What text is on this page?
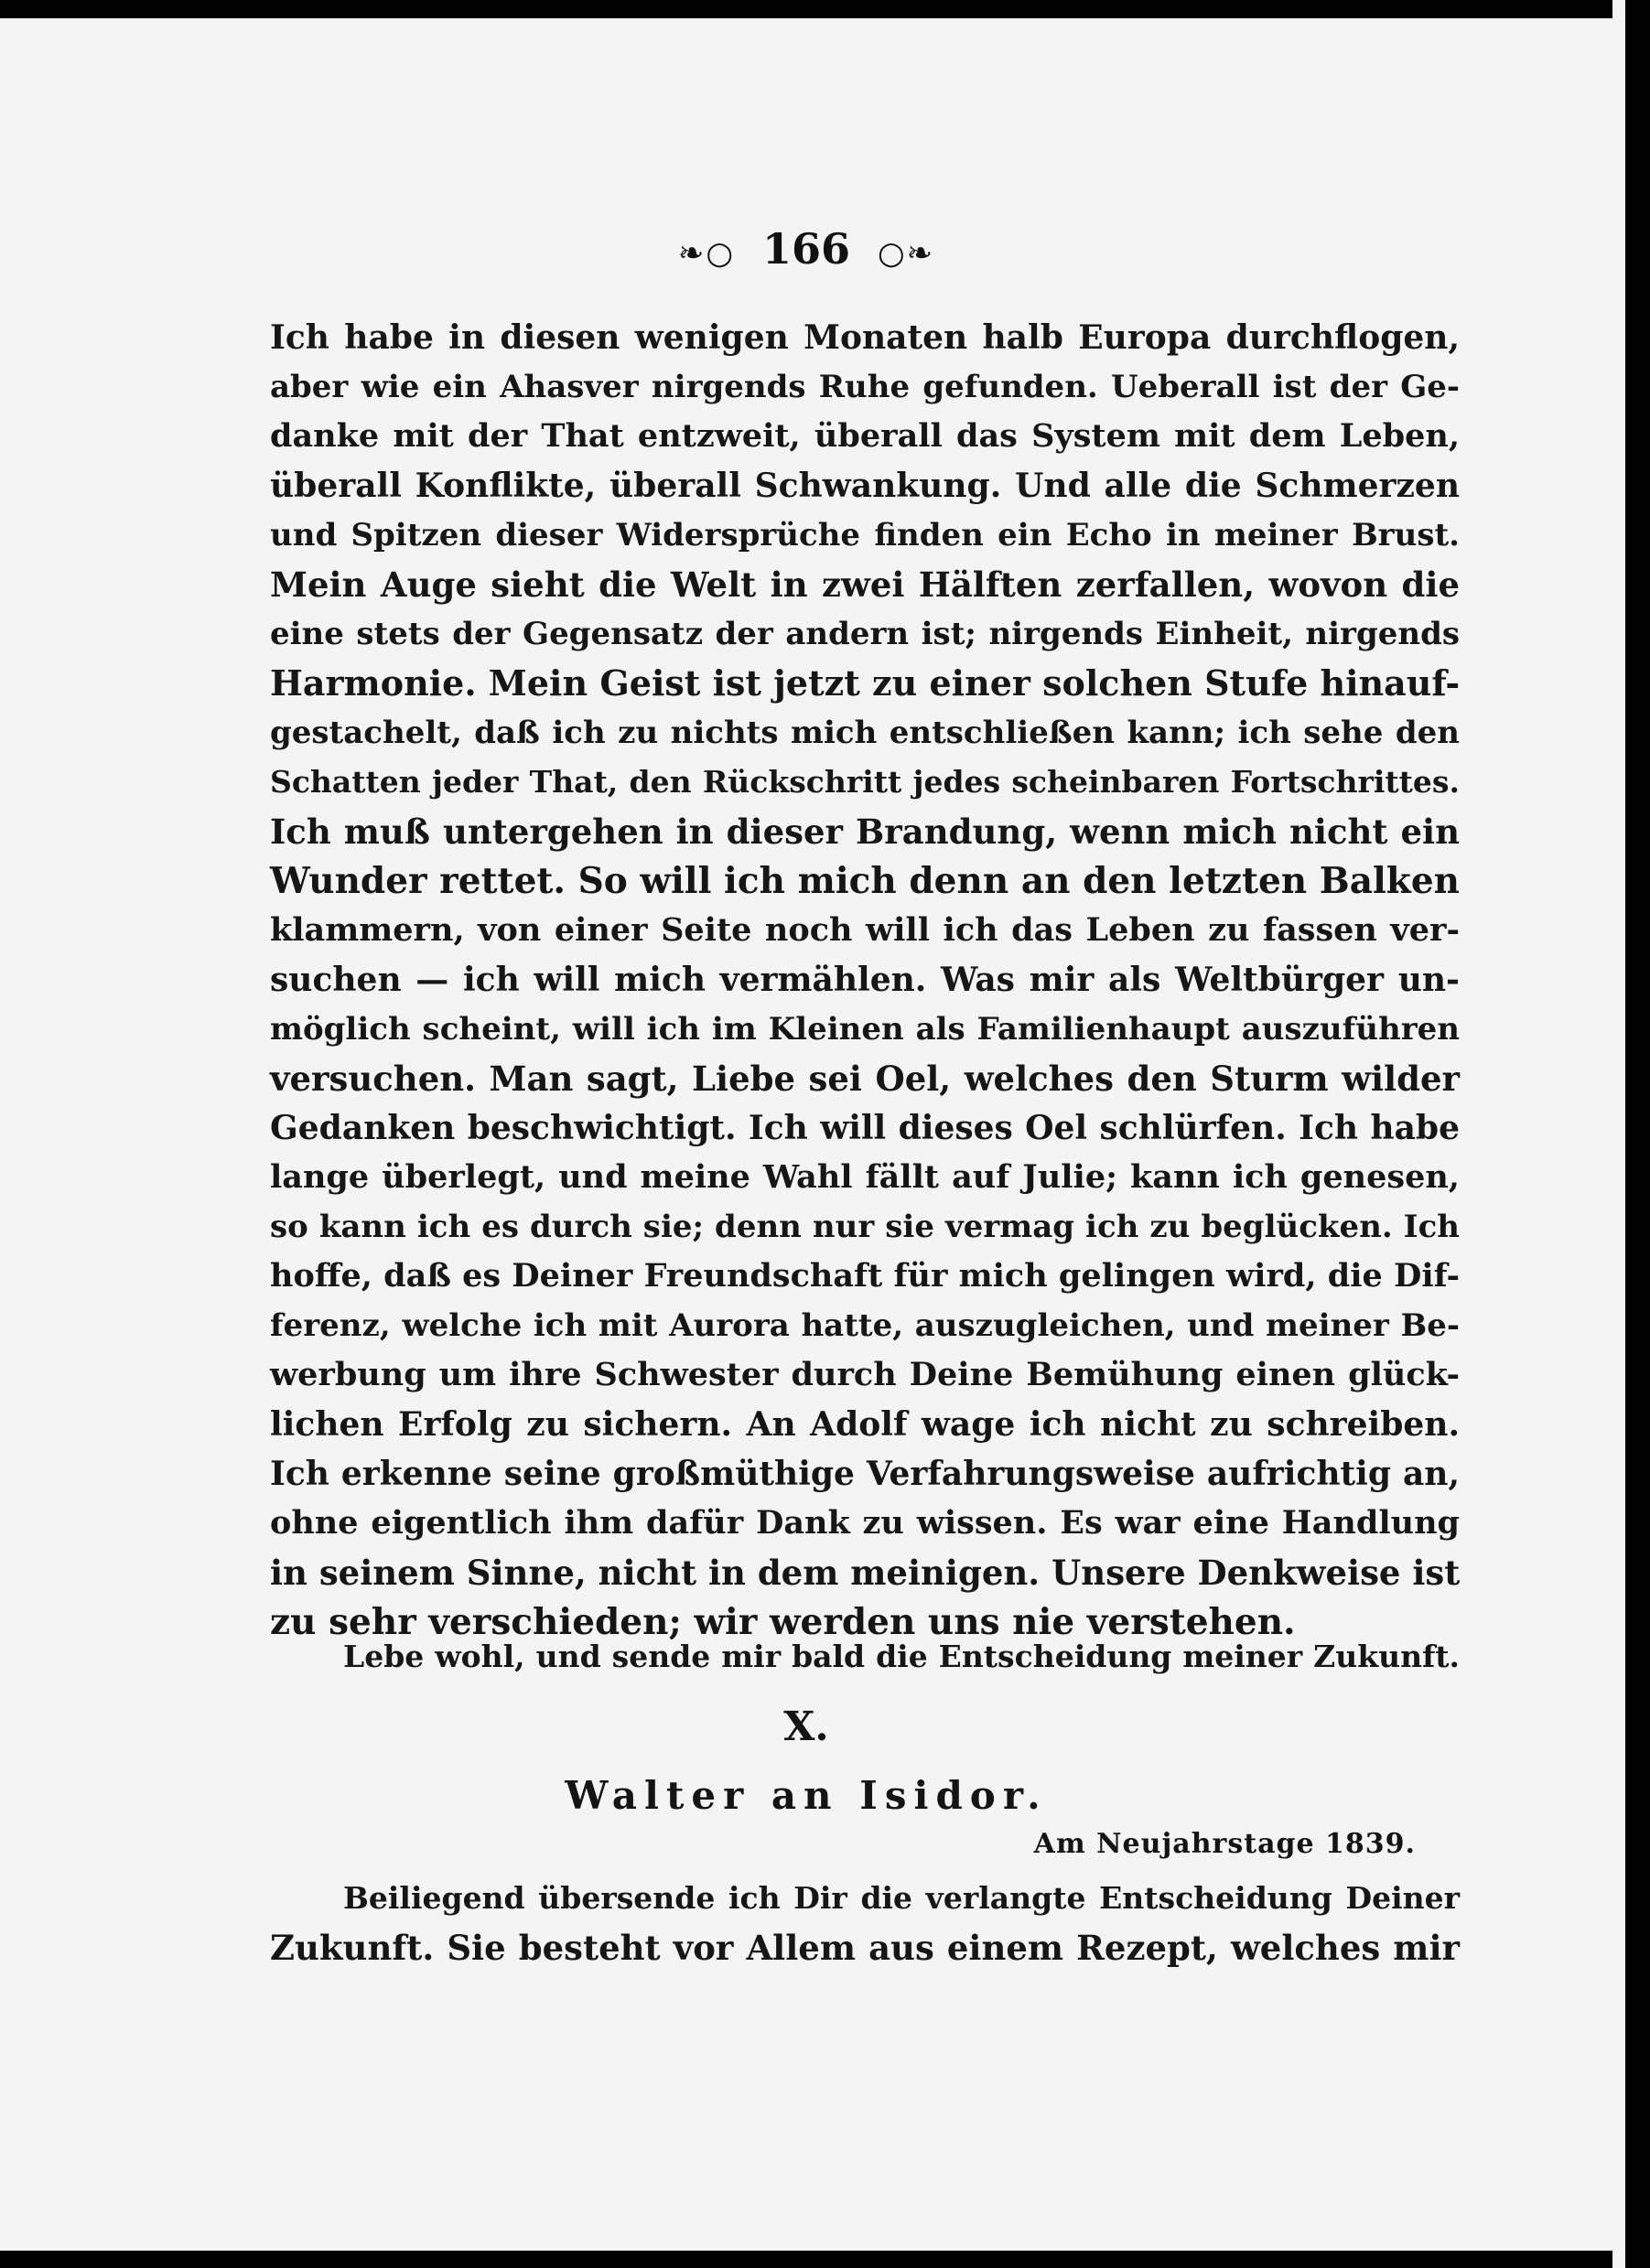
❧○ 166 ○❧
Ich habe in diesen wenigen Monaten halb Europa durchflogen,
aber wie ein Ahasver nirgends Ruhe gefunden. Ueberall ist der Ge-
danke mit der That entzweit, überall das System mit dem Leben,
überall Konflikte, überall Schwankung. Und alle die Schmerzen
und Spitzen dieser Widersprüche finden ein Echo in meiner Brust.
Mein Auge sieht die Welt in zwei Hälften zerfallen, wovon die
eine stets der Gegensatz der andern ist; nirgends Einheit, nirgends
Harmonie. Mein Geist ist jetzt zu einer solchen Stufe hinauf-
gestachelt, daß ich zu nichts mich entschließen kann; ich sehe den
Schatten jeder That, den Rückschritt jedes scheinbaren Fortschrittes.
Ich muß untergehen in dieser Brandung, wenn mich nicht ein
Wunder rettet. So will ich mich denn an den letzten Balken
klammern, von einer Seite noch will ich das Leben zu fassen ver-
suchen — ich will mich vermählen. Was mir als Weltbürger un-
möglich scheint, will ich im Kleinen als Familienhaupt auszuführen
versuchen. Man sagt, Liebe sei Oel, welches den Sturm wilder
Gedanken beschwichtigt. Ich will dieses Oel schlürfen. Ich habe
lange überlegt, und meine Wahl fällt auf Julie; kann ich genesen,
so kann ich es durch sie; denn nur sie vermag ich zu beglücken. Ich
hoffe, daß es Deiner Freundschaft für mich gelingen wird, die Dif-
ferenz, welche ich mit Aurora hatte, auszugleichen, und meiner Be-
werbung um ihre Schwester durch Deine Bemühung einen glück-
lichen Erfolg zu sichern. An Adolf wage ich nicht zu schreiben.
Ich erkenne seine großmüthige Verfahrungsweise aufrichtig an,
ohne eigentlich ihm dafür Dank zu wissen. Es war eine Handlung
in seinem Sinne, nicht in dem meinigen. Unsere Denkweise ist
zu sehr verschieden; wir werden uns nie verstehen.
Lebe wohl, und sende mir bald die Entscheidung meiner Zukunft.
X.
Walter an Isidor.
Am Neujahrstage 1839.
Beiliegend übersende ich Dir die verlangte Entscheidung Deiner
Zukunft. Sie besteht vor Allem aus einem Rezept, welches mir
